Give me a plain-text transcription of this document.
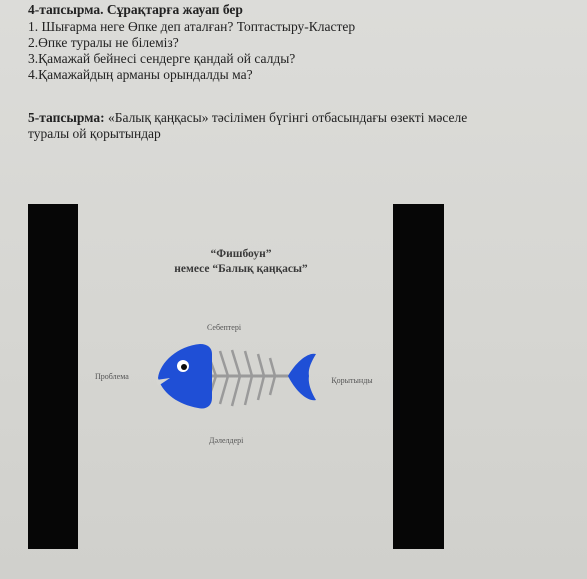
4-тапсырма. Сұрақтарға жауап бер
1. Шығарма неге Өпке деп аталған? Топтастыру-Кластер
2.Өпке туралы не білеміз?
3.Қамажай бейнесі сендерге қандай ой салды?
4.Қамажайдың арманы орындалды ма?
5-тапсырма: «Балық қаңқасы» тәсілімен бүгінгі отбасындағы өзекті мәселе
туралы ой қорытындар
“Фишбоун”
немесе “Балық қаңқасы”
Себептері
Проблема	Қорытынды
Дәлелдері
